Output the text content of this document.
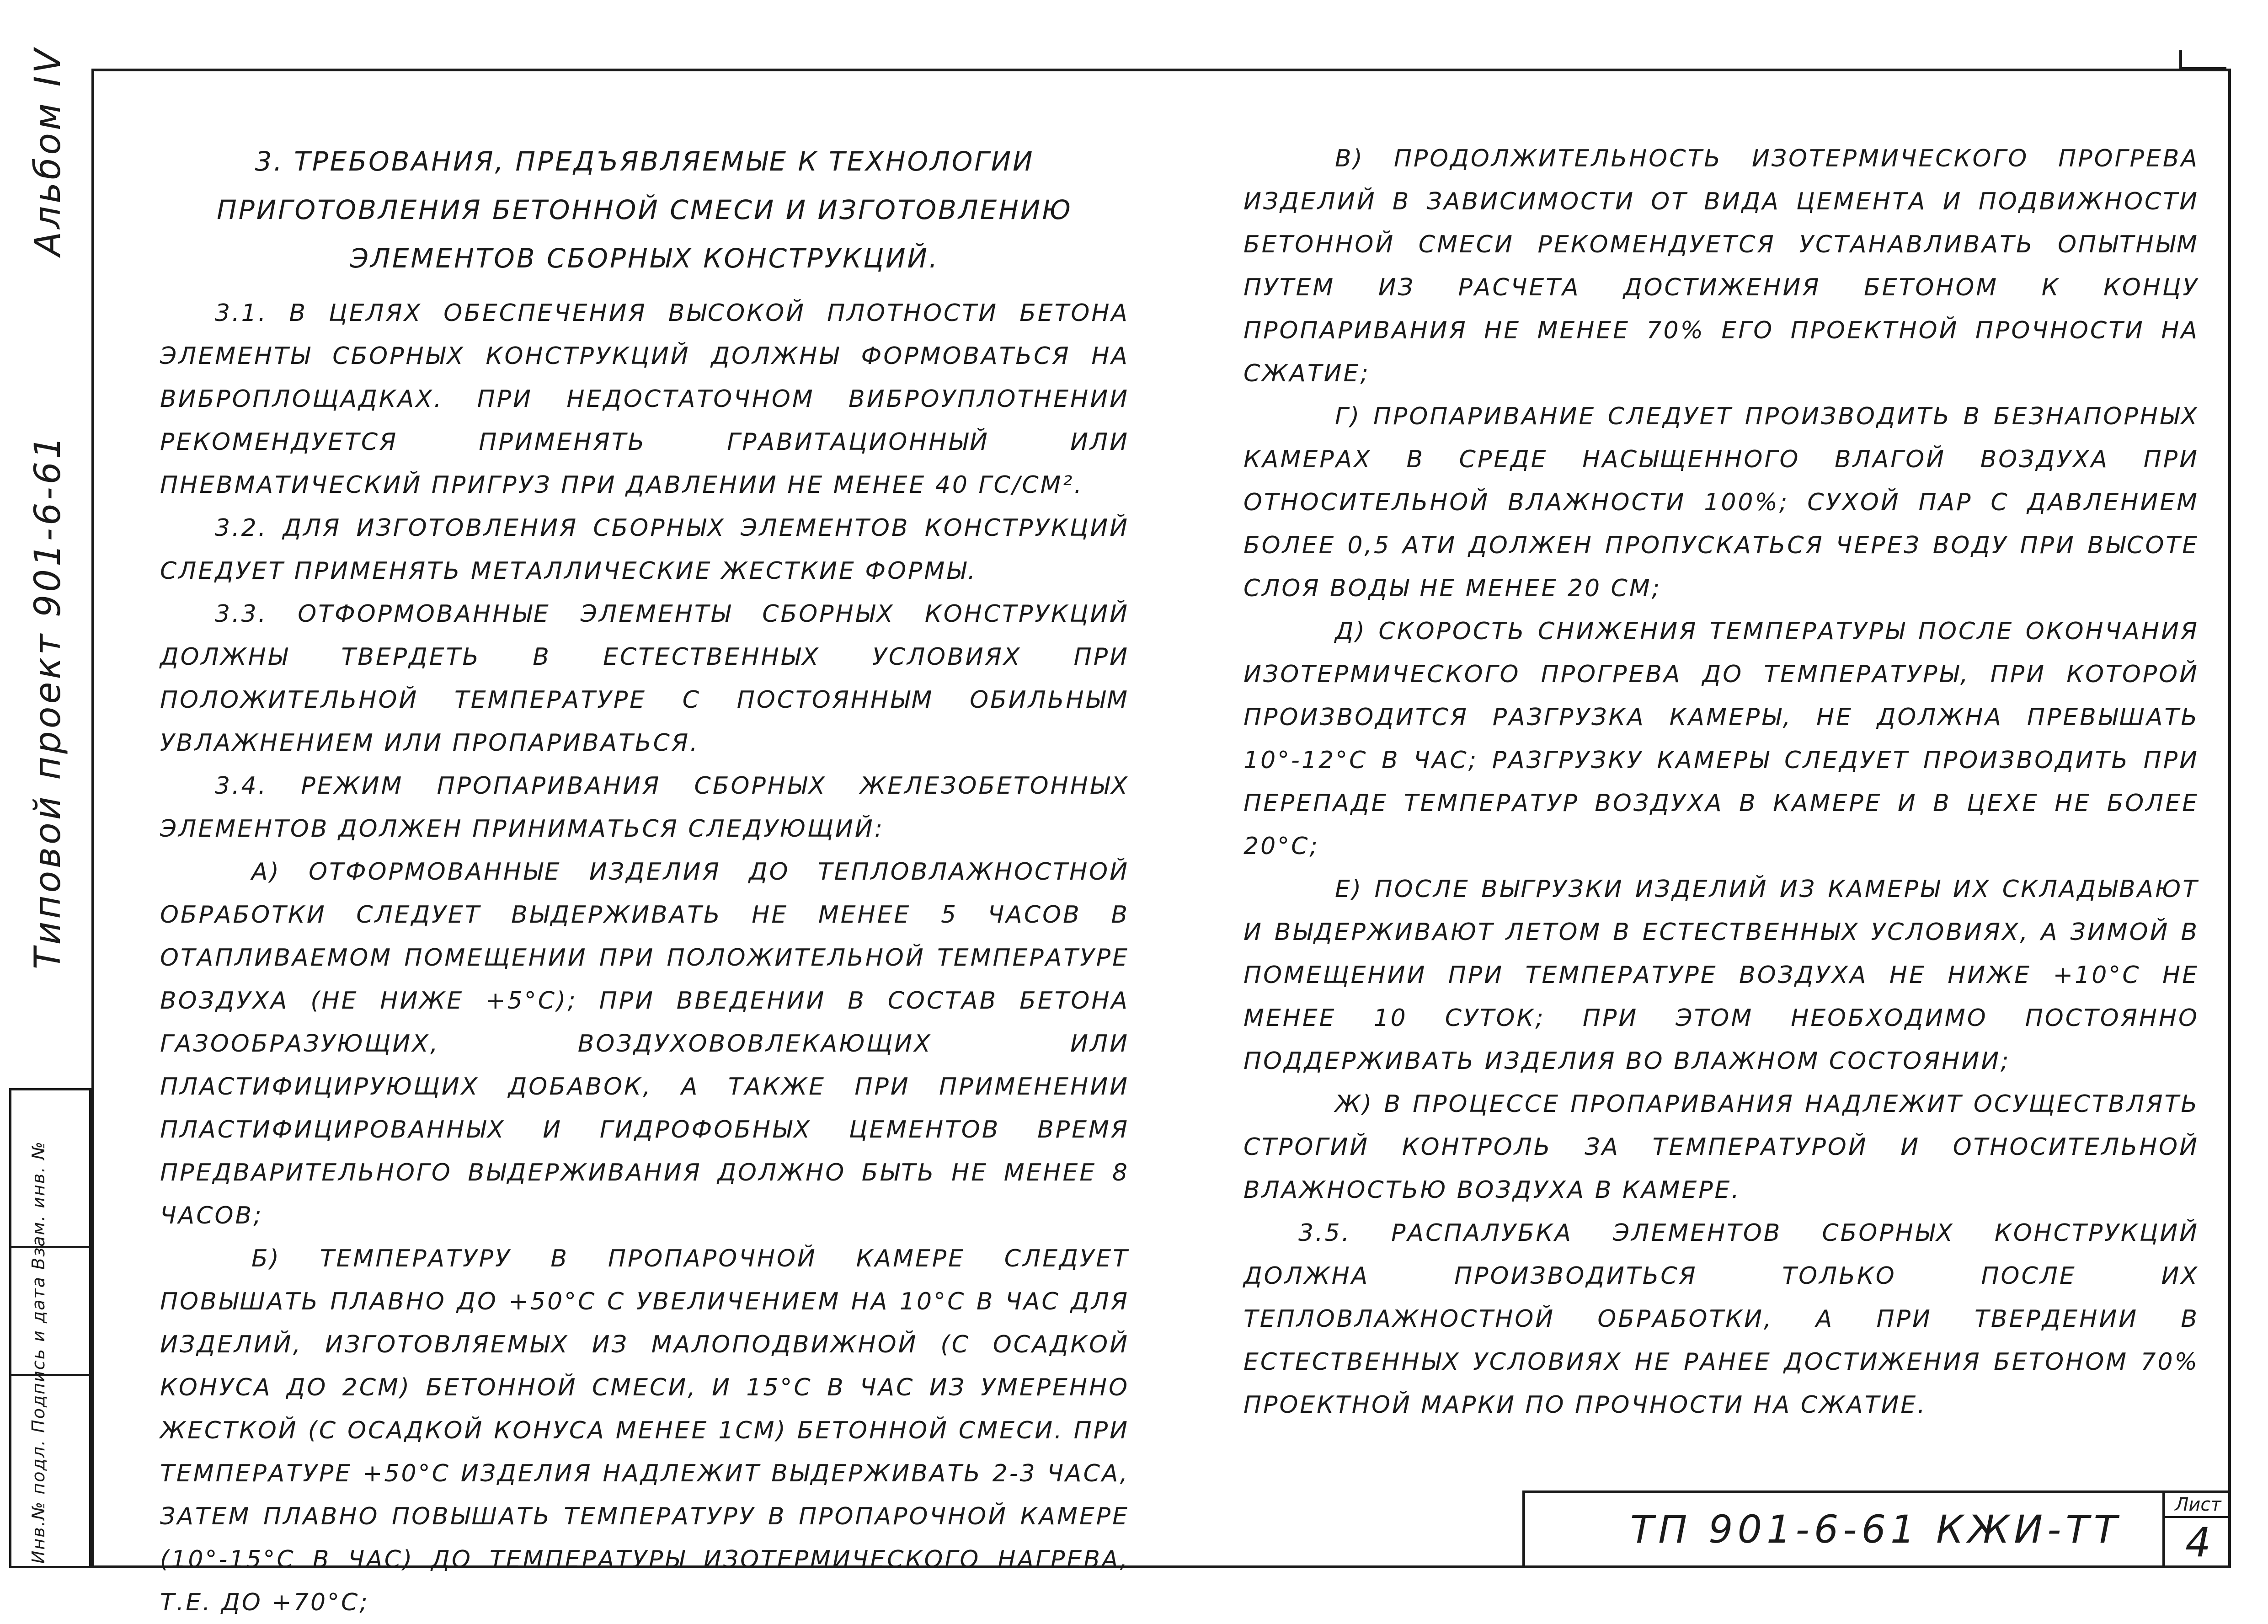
Альбом IV
Типовой проект 901-6-61
Инв.№ подл. Подпись и дата Взам. инв. №

3. ТРЕБОВАНИЯ, ПРЕДЪЯВЛЯЕМЫЕ К ТЕХНОЛОГИИ ПРИГОТОВЛЕНИЯ БЕТОННОЙ СМЕСИ И ИЗГОТОВЛЕНИЮ ЭЛЕМЕНТОВ СБОРНЫХ КОНСТРУКЦИЙ.

3.1. В ЦЕЛЯХ ОБЕСПЕЧЕНИЯ ВЫСОКОЙ ПЛОТНОСТИ БЕТОНА ЭЛЕМЕНТЫ СБОРНЫХ КОНСТРУКЦИЙ ДОЛЖНЫ ФОРМОВАТЬСЯ НА ВИБРОПЛОЩАДКАХ. ПРИ НЕДОСТАТОЧНОМ ВИБРОУПЛОТНЕНИИ РЕКОМЕНДУЕТСЯ ПРИМЕНЯТЬ ГРАВИТАЦИОННЫЙ ИЛИ ПНЕВМАТИЧЕСКИЙ ПРИГРУЗ ПРИ ДАВЛЕНИИ НЕ МЕНЕЕ 40 ГС/СМ².

3.2. ДЛЯ ИЗГОТОВЛЕНИЯ СБОРНЫХ ЭЛЕМЕНТОВ КОНСТРУКЦИЙ СЛЕДУЕТ ПРИМЕНЯТЬ МЕТАЛЛИЧЕСКИЕ ЖЕСТКИЕ ФОРМЫ.

3.3. ОТФОРМОВАННЫЕ ЭЛЕМЕНТЫ СБОРНЫХ КОНСТРУКЦИЙ ДОЛЖНЫ ТВЕРДЕТЬ В ЕСТЕСТВЕННЫХ УСЛОВИЯХ ПРИ ПОЛОЖИТЕЛЬНОЙ ТЕМПЕРАТУРЕ С ПОСТОЯННЫМ ОБИЛЬНЫМ УВЛАЖНЕНИЕМ ИЛИ ПРОПАРИВАТЬСЯ.

3.4. РЕЖИМ ПРОПАРИВАНИЯ СБОРНЫХ ЖЕЛЕЗОБЕТОННЫХ ЭЛЕМЕНТОВ ДОЛЖЕН ПРИНИМАТЬСЯ СЛЕДУЮЩИЙ:

А) ОТФОРМОВАННЫЕ ИЗДЕЛИЯ ДО ТЕПЛОВЛАЖНОСТНОЙ ОБРАБОТКИ СЛЕДУЕТ ВЫДЕРЖИВАТЬ НЕ МЕНЕЕ 5 ЧАСОВ В ОТАПЛИВАЕМОМ ПОМЕЩЕНИИ ПРИ ПОЛОЖИТЕЛЬНОЙ ТЕМПЕРАТУРЕ ВОЗДУХА (НЕ НИЖЕ +5°С); ПРИ ВВЕДЕНИИ В СОСТАВ БЕТОНА ГАЗООБРАЗУЮЩИХ, ВОЗДУХОВОВЛЕКАЮЩИХ ИЛИ ПЛАСТИФИЦИРУЮЩИХ ДОБАВОК, А ТАКЖЕ ПРИ ПРИМЕНЕНИИ ПЛАСТИФИЦИРОВАННЫХ И ГИДРОФОБНЫХ ЦЕМЕНТОВ ВРЕМЯ ПРЕДВАРИТЕЛЬНОГО ВЫДЕРЖИВАНИЯ ДОЛЖНО БЫТЬ НЕ МЕНЕЕ 8 ЧАСОВ;

Б) ТЕМПЕРАТУРУ В ПРОПАРОЧНОЙ КАМЕРЕ СЛЕДУЕТ ПОВЫШАТЬ ПЛАВНО ДО +50°С С УВЕЛИЧЕНИЕМ НА 10°С В ЧАС ДЛЯ ИЗДЕЛИЙ, ИЗГОТОВЛЯЕМЫХ ИЗ МАЛОПОДВИЖНОЙ (С ОСАДКОЙ КОНУСА ДО 2СМ) БЕТОННОЙ СМЕСИ, И 15°С В ЧАС ИЗ УМЕРЕННО ЖЕСТКОЙ (С ОСАДКОЙ КОНУСА МЕНЕЕ 1СМ) БЕТОННОЙ СМЕСИ. ПРИ ТЕМПЕРАТУРЕ +50°С ИЗДЕЛИЯ НАДЛЕЖИТ ВЫДЕРЖИВАТЬ 2-3 ЧАСА, ЗАТЕМ ПЛАВНО ПОВЫШАТЬ ТЕМПЕРАТУРУ В ПРОПАРОЧНОЙ КАМЕРЕ (10°-15°С В ЧАС) ДО ТЕМПЕРАТУРЫ ИЗОТЕРМИЧЕСКОГО НАГРЕВА, Т.Е. ДО +70°С;

В) ПРОДОЛЖИТЕЛЬНОСТЬ ИЗОТЕРМИЧЕСКОГО ПРОГРЕВА ИЗДЕЛИЙ В ЗАВИСИМОСТИ ОТ ВИДА ЦЕМЕНТА И ПОДВИЖНОСТИ БЕТОННОЙ СМЕСИ РЕКОМЕНДУЕТСЯ УСТАНАВЛИВАТЬ ОПЫТНЫМ ПУТЕМ ИЗ РАСЧЕТА ДОСТИЖЕНИЯ БЕТОНОМ К КОНЦУ ПРОПАРИВАНИЯ НЕ МЕНЕЕ 70% ЕГО ПРОЕКТНОЙ ПРОЧНОСТИ НА СЖАТИЕ;

Г) ПРОПАРИВАНИЕ СЛЕДУЕТ ПРОИЗВОДИТЬ В БЕЗНАПОРНЫХ КАМЕРАХ В СРЕДЕ НАСЫЩЕННОГО ВЛАГОЙ ВОЗДУХА ПРИ ОТНОСИТЕЛЬНОЙ ВЛАЖНОСТИ 100%; СУХОЙ ПАР С ДАВЛЕНИЕМ БОЛЕЕ 0,5 АТИ ДОЛЖЕН ПРОПУСКАТЬСЯ ЧЕРЕЗ ВОДУ ПРИ ВЫСОТЕ СЛОЯ ВОДЫ НЕ МЕНЕЕ 20 СМ;

Д) СКОРОСТЬ СНИЖЕНИЯ ТЕМПЕРАТУРЫ ПОСЛЕ ОКОНЧАНИЯ ИЗОТЕРМИЧЕСКОГО ПРОГРЕВА ДО ТЕМПЕРАТУРЫ, ПРИ КОТОРОЙ ПРОИЗВОДИТСЯ РАЗГРУЗКА КАМЕРЫ, НЕ ДОЛЖНА ПРЕВЫШАТЬ 10°-12°С В ЧАС; РАЗГРУЗКУ КАМЕРЫ СЛЕДУЕТ ПРОИЗВОДИТЬ ПРИ ПЕРЕПАДЕ ТЕМПЕРАТУР ВОЗДУХА В КАМЕРЕ И В ЦЕХЕ НЕ БОЛЕЕ 20°С;

Е) ПОСЛЕ ВЫГРУЗКИ ИЗДЕЛИЙ ИЗ КАМЕРЫ ИХ СКЛАДЫВАЮТ И ВЫДЕРЖИВАЮТ ЛЕТОМ В ЕСТЕСТВЕННЫХ УСЛОВИЯХ, А ЗИМОЙ В ПОМЕЩЕНИИ ПРИ ТЕМПЕРАТУРЕ ВОЗДУХА НЕ НИЖЕ +10°С НЕ МЕНЕЕ 10 СУТОК; ПРИ ЭТОМ НЕОБХОДИМО ПОСТОЯННО ПОДДЕРЖИВАТЬ ИЗДЕЛИЯ ВО ВЛАЖНОМ СОСТОЯНИИ;

Ж) В ПРОЦЕССЕ ПРОПАРИВАНИЯ НАДЛЕЖИТ ОСУЩЕСТВЛЯТЬ СТРОГИЙ КОНТРОЛЬ ЗА ТЕМПЕРАТУРОЙ И ОТНОСИТЕЛЬНОЙ ВЛАЖНОСТЬЮ ВОЗДУХА В КАМЕРЕ.

3.5. РАСПАЛУБКА ЭЛЕМЕНТОВ СБОРНЫХ КОНСТРУКЦИЙ ДОЛЖНА ПРОИЗВОДИТЬСЯ ТОЛЬКО ПОСЛЕ ИХ ТЕПЛОВЛАЖНОСТНОЙ ОБРАБОТКИ, А ПРИ ТВЕРДЕНИИ В ЕСТЕСТВЕННЫХ УСЛОВИЯХ НЕ РАНЕЕ ДОСТИЖЕНИЯ БЕТОНОМ 70% ПРОЕКТНОЙ МАРКИ ПО ПРОЧНОСТИ НА СЖАТИЕ.

ТП 901-6-61 КЖИ-ТТ
Лист
4
